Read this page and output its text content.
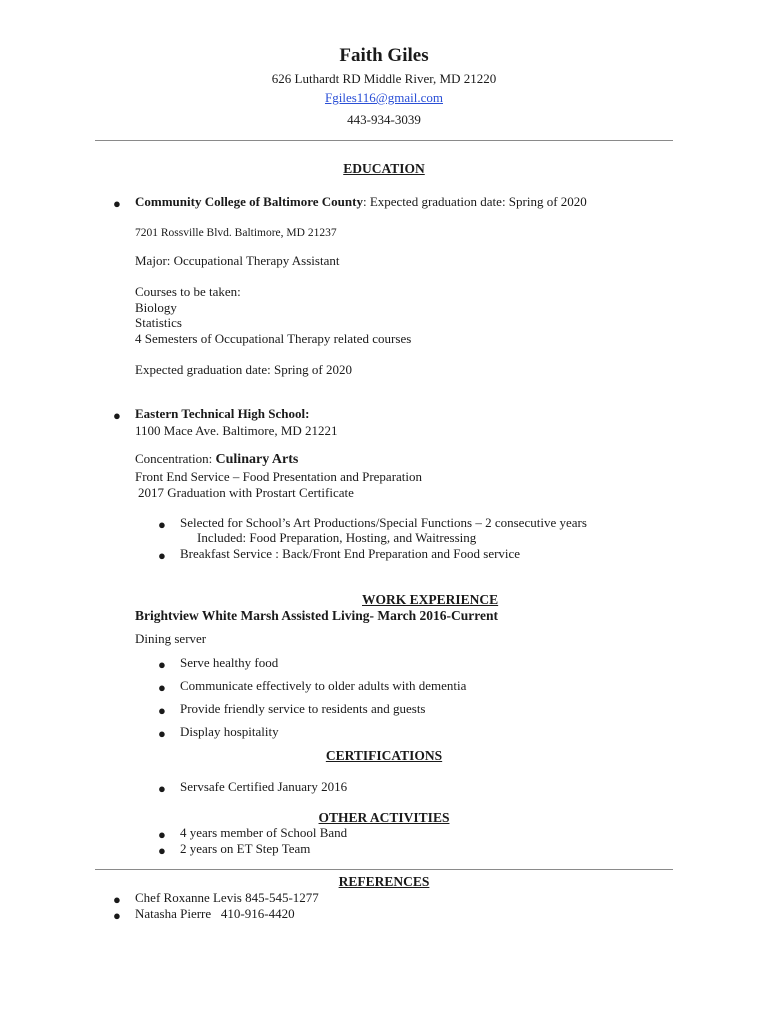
Faith Giles
626 Luthardt RD Middle River, MD 21220
Fgiles116@gmail.com
443-934-3039
EDUCATION
● Community College of Baltimore County: Expected graduation date: Spring of 2020
7201 Rossville Blvd. Baltimore, MD 21237
Major: Occupational Therapy Assistant
Courses to be taken:
Biology
Statistics
4 Semesters of Occupational Therapy related courses
Expected graduation date: Spring of 2020
● Eastern Technical High School:
1100 Mace Ave. Baltimore, MD 21221
Concentration: Culinary Arts
Front End Service – Food Presentation and Preparation
2017 Graduation with Prostart Certificate
● Selected for School’s Art Productions/Special Functions – 2 consecutive years
Included: Food Preparation, Hosting, and Waitressing
● Breakfast Service : Back/Front End Preparation and Food service
WORK EXPERIENCE
Brightview White Marsh Assisted Living- March 2016-Current
Dining server
● Serve healthy food
● Communicate effectively to older adults with dementia
● Provide friendly service to residents and guests
● Display hospitality
CERTIFICATIONS
● Servsafe Certified January 2016
OTHER ACTIVITIES
● 4 years member of School Band
● 2 years on ET Step Team
REFERENCES
● Chef Roxanne Levis 845-545-1277
● Natasha Pierre   410-916-4420
